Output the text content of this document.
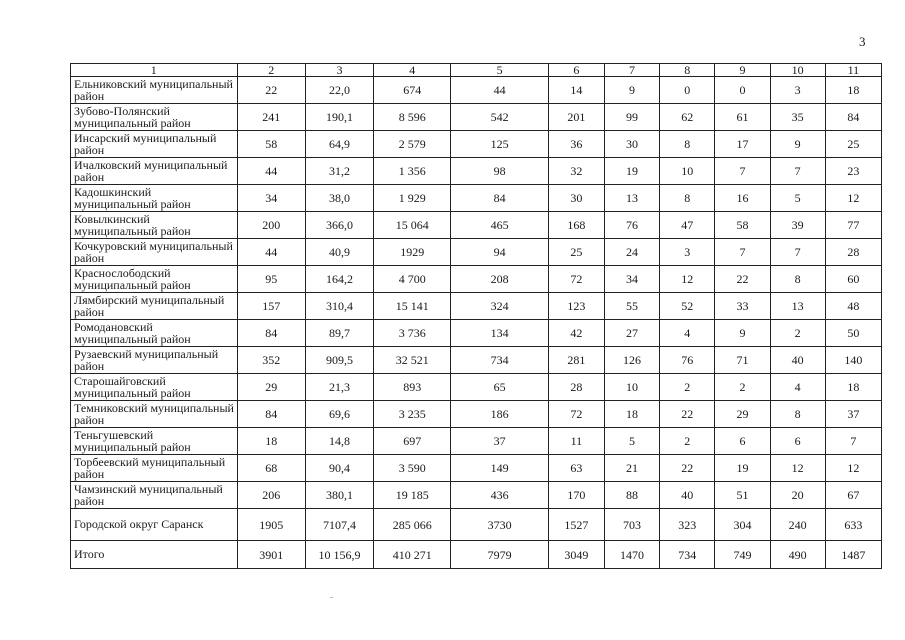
3
1	2	3	4	5	6	7	8	9	10	11
Ельниковский муниципальный район	22	22,0	674	44	14	9	0	0	3	18
Зубово-Полянский муниципальный район	241	190,1	8 596	542	201	99	62	61	35	84
Инсарский муниципальный район	58	64,9	2 579	125	36	30	8	17	9	25
Ичалковский муниципальный район	44	31,2	1 356	98	32	19	10	7	7	23
Кадошкинский муниципальный район	34	38,0	1 929	84	30	13	8	16	5	12
Ковылкинский муниципальный район	200	366,0	15 064	465	168	76	47	58	39	77
Кочкуровский муниципальный район	44	40,9	1929	94	25	24	3	7	7	28
Краснослободский муниципальный район	95	164,2	4 700	208	72	34	12	22	8	60
Лямбирский муниципальный район	157	310,4	15 141	324	123	55	52	33	13	48
Ромодановский муниципальный район	84	89,7	3 736	134	42	27	4	9	2	50
Рузаевский муниципальный район	352	909,5	32 521	734	281	126	76	71	40	140
Старошайговский муниципальный район	29	21,3	893	65	28	10	2	2	4	18
Темниковский муниципальный район	84	69,6	3 235	186	72	18	22	29	8	37
Теньгушевский муниципальный район	18	14,8	697	37	11	5	2	6	6	7
Торбеевский муниципальный район	68	90,4	3 590	149	63	21	22	19	12	12
Чамзинский муниципальный район	206	380,1	19 185	436	170	88	40	51	20	67
Городской округ Саранск	1905	7107,4	285 066	3730	1527	703	323	304	240	633
Итого	3901	10 156,9	410 271	7979	3049	1470	734	749	490	1487
